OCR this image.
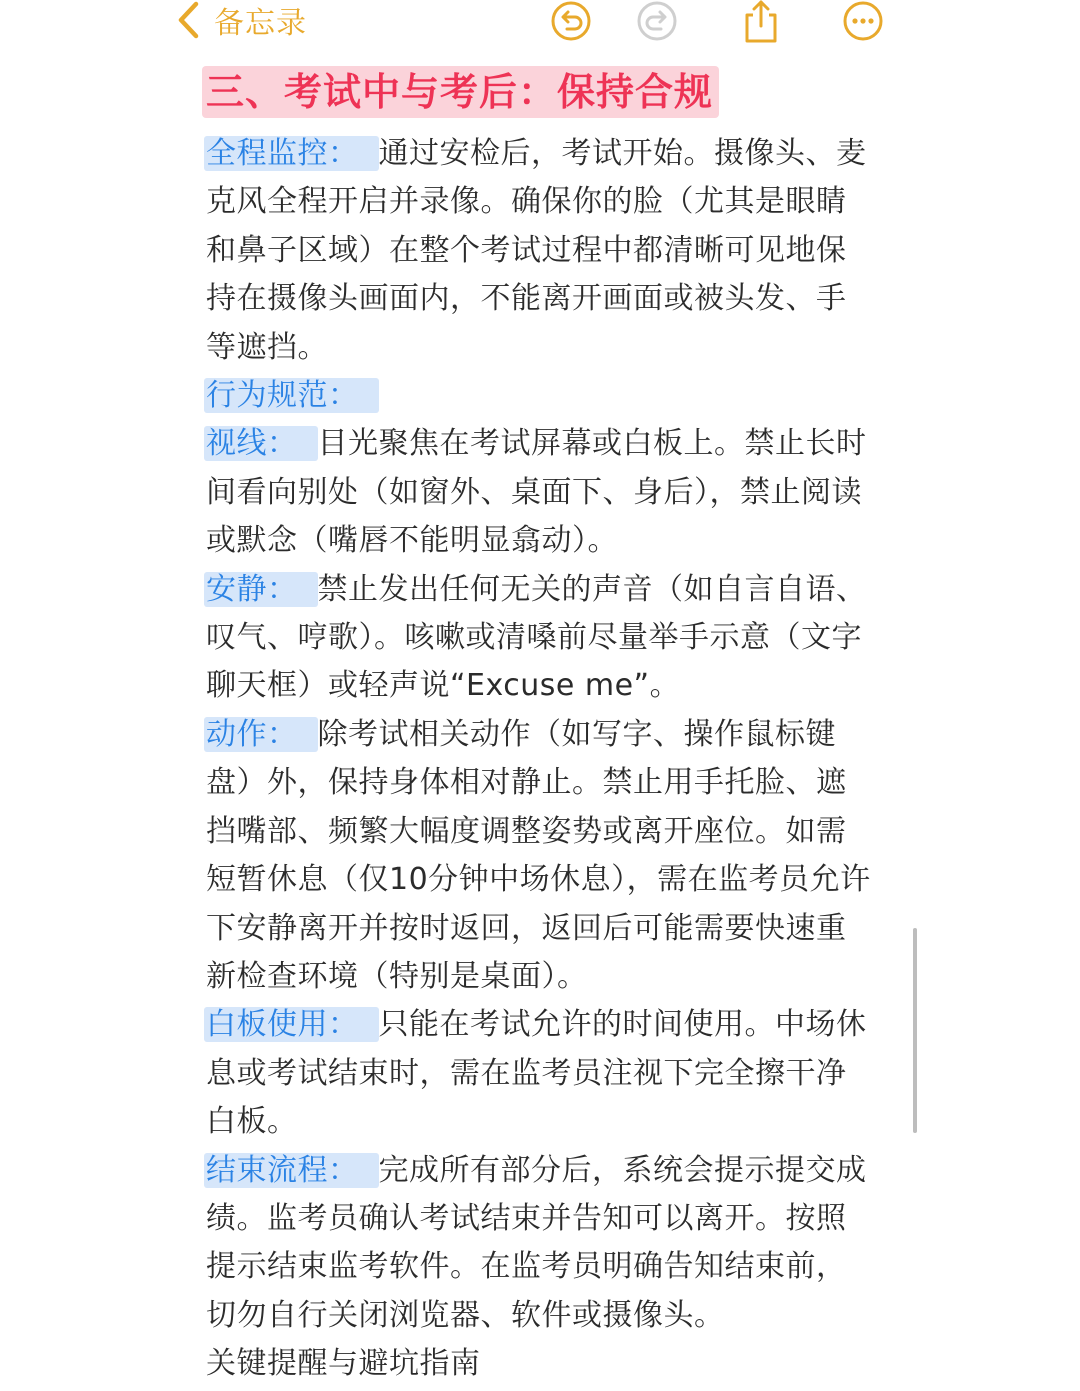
备忘录
三、考试中与考后：保持合规

全程监控： 通过安检后，考试开始。摄像头、麦克风全程开启并录像。确保你的脸（尤其是眼睛和鼻子区域）在整个考试过程中都清晰可见地保持在摄像头画面内，不能离开画面或被头发、手等遮挡。

行为规范：

视线： 目光聚焦在考试屏幕或白板上。禁止长时间看向别处（如窗外、桌面下、身后），禁止阅读或默念（嘴唇不能明显翕动）。

安静： 禁止发出任何无关的声音（如自言自语、叹气、哼歌）。咳嗽或清嗓前尽量举手示意（文字聊天框）或轻声说“Excuse me”。

动作： 除考试相关动作（如写字、操作鼠标键盘）外，保持身体相对静止。禁止用手托脸、遮挡嘴部、频繁大幅度调整姿势或离开座位。如需短暂休息（仅10分钟中场休息），需在监考员允许下安静离开并按时返回，返回后可能需要快速重新检查环境（特别是桌面）。

白板使用： 只能在考试允许的时间使用。中场休息或考试结束时，需在监考员注视下完全擦干净白板。

结束流程： 完成所有部分后，系统会提示提交成绩。监考员确认考试结束并告知可以离开。按照提示结束监考软件。在监考员明确告知结束前，切勿自行关闭浏览器、软件或摄像头。

关键提醒与避坑指南
